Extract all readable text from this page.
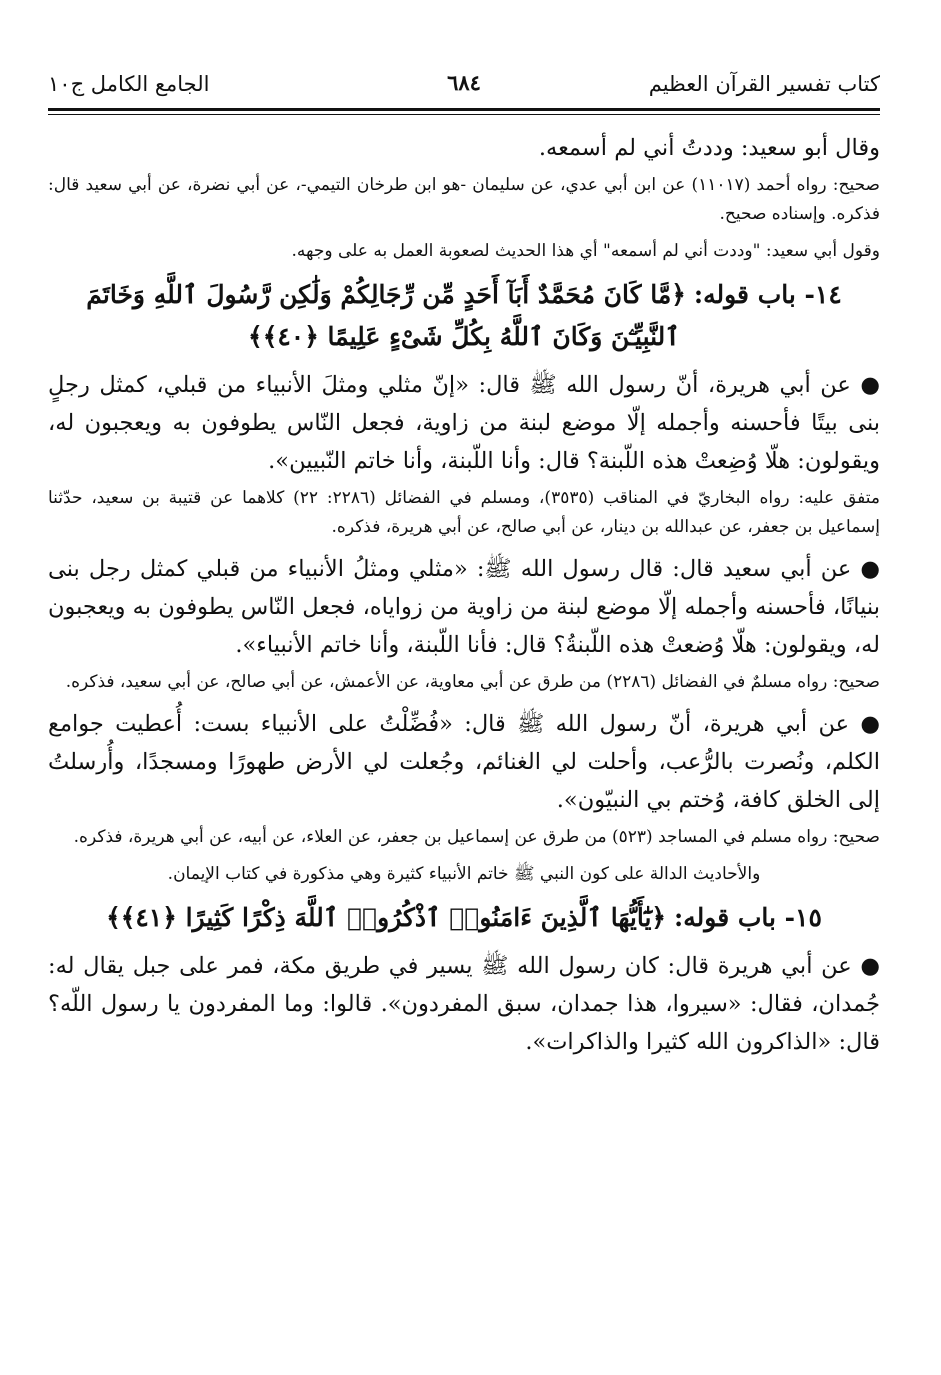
كتاب تفسير القرآن العظيم
٦٨٤
الجامع الكامل ج١٠

وقال أبو سعيد: وددتُ أني لم أسمعه.

صحيح: رواه أحمد (١١٠١٧) عن ابن أبي عدي، عن سليمان -هو ابن طرخان التيمي-، عن أبي نضرة، عن أبي سعيد قال: فذكره. وإسناده صحيح.

وقول أبي سعيد: "وددت أني لم أسمعه" أي هذا الحديث لصعوبة العمل به على وجهه.

١٤- باب قوله: ﴿مَّا كَانَ مُحَمَّدٌ أَبَآ أَحَدٍ مِّن رِّجَالِكُمْ وَلَٰكِن رَّسُولَ ٱللَّهِ وَخَاتَمَ ٱلنَّبِيِّـۧنَ وَكَانَ ٱللَّهُ بِكُلِّ شَىْءٍ عَلِيمًا ﴿٤٠﴾﴾

● عن أبي هريرة، أنّ رسول الله ﷺ قال: «إنّ مثلي ومثلَ الأنبياء من قبلي، كمثل رجلٍ بنى بيتًا فأحسنه وأجمله إلّا موضع لبنة من زاوية، فجعل النّاس يطوفون به ويعجبون له، ويقولون: هلّا وُضِعتْ هذه اللّبنة؟ قال: وأنا اللّبنة، وأنا خاتم النّبيين».

متفق عليه: رواه البخاريّ في المناقب (٣٥٣٥)، ومسلم في الفضائل (٢٢٨٦: ٢٢) كلاهما عن قتيبة بن سعيد، حدّثنا إسماعيل بن جعفر، عن عبدالله بن دينار، عن أبي صالح، عن أبي هريرة، فذكره.

● عن أبي سعيد قال: قال رسول الله ﷺ: «مثلي ومثلُ الأنبياء من قبلي كمثل رجل بنى بنيانًا، فأحسنه وأجمله إلّا موضع لبنة من زاوية من زواياه، فجعل النّاس يطوفون به ويعجبون له، ويقولون: هلّا وُضعتْ هذه اللّبنةُ؟ قال: فأنا اللّبنة، وأنا خاتم الأنبياء».

صحيح: رواه مسلمٌ في الفضائل (٢٢٨٦) من طرق عن أبي معاوية، عن الأعمش، عن أبي صالح، عن أبي سعيد، فذكره.

● عن أبي هريرة، أنّ رسول الله ﷺ قال: «فُضِّلْتُ على الأنبياء بست: أُعطيت جوامع الكلم، ونُصرت بالرُّعب، وأحلت لي الغنائم، وجُعلت لي الأرض طهورًا ومسجدًا، وأُرسلتُ إلى الخلق كافة، وُختم بي النبيّون».

صحيح: رواه مسلم في المساجد (٥٢٣) من طرق عن إسماعيل بن جعفر، عن العلاء، عن أبيه، عن أبي هريرة، فذكره.

والأحاديث الدالة على كون النبي ﷺ خاتم الأنبياء كثيرة وهي مذكورة في كتاب الإيمان.

١٥- باب قوله: ﴿يَٰٓأَيُّهَا ٱلَّذِينَ ءَامَنُوا۟ ٱذْكُرُوا۟ ٱللَّهَ ذِكْرًا كَثِيرًا ﴿٤١﴾﴾

● عن أبي هريرة قال: كان رسول الله ﷺ يسير في طريق مكة، فمر على جبل يقال له: جُمدان، فقال: «سيروا، هذا جمدان، سبق المفردون». قالوا: وما المفردون يا رسول اللّه؟ قال: «الذاكرون الله كثيرا والذاكرات».
